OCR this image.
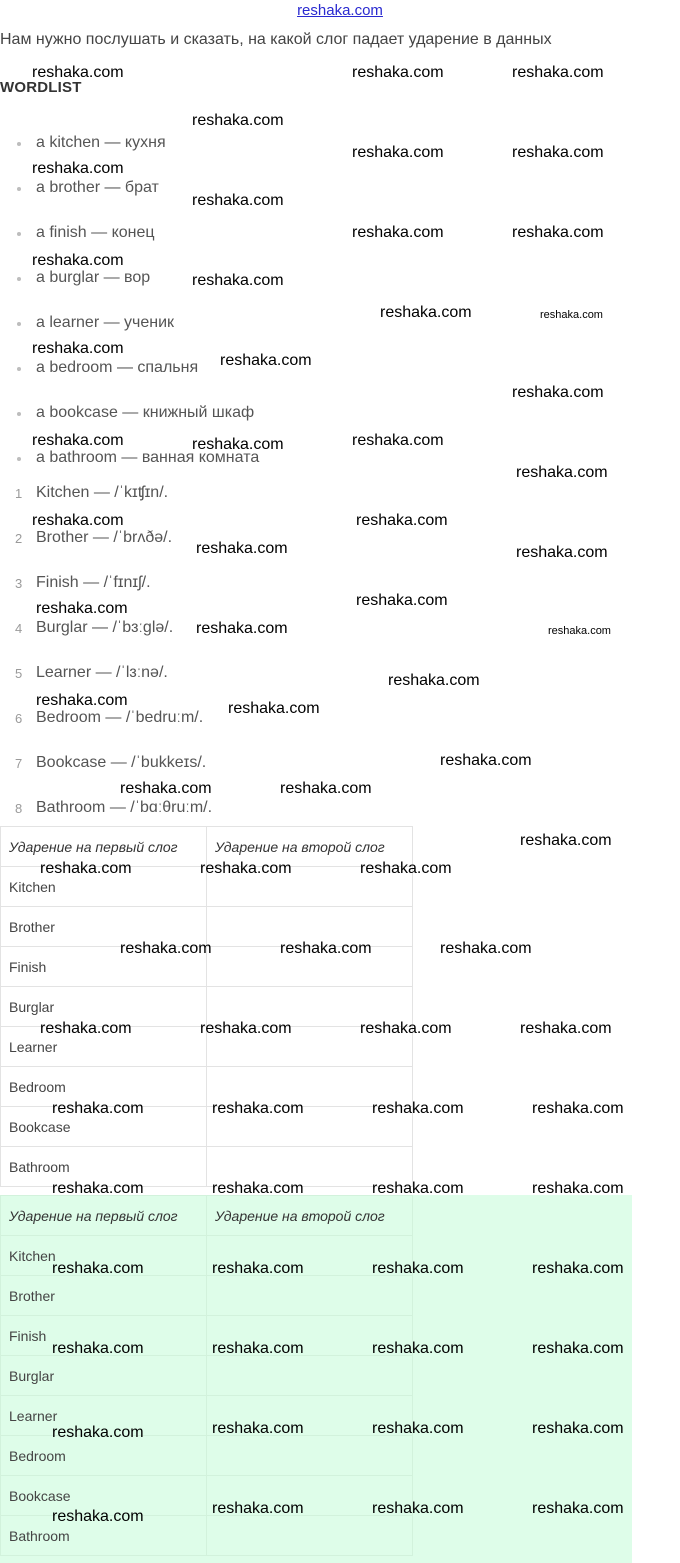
reshaka.com
Нам нужно послушать и сказать, на какой слог падает ударение в данных
WORDLIST
a kitchen — кухня
a brother — брат
a finish — конец
a burglar — вор
a learner — ученик
a bedroom — спальня
a bookcase — книжный шкаф
a bathroom — ванная комната
1 Kitchen — /ˈkɪʧɪn/.
2 Brother — /ˈbrʌðə/.
3 Finish — /ˈfɪnɪʃ/.
4 Burglar — /ˈbɜːglə/.
5 Learner — /ˈlɜːnə/.
6 Bedroom — /ˈbedruːm/.
7 Bookcase — /ˈbukkeɪs/.
8 Bathroom — /ˈbɑːθruːm/.
Ударение на первый слог	Ударение на второй слог
Kitchen	
Brother	
Finish	
Burglar	
Learner	
Bedroom	
Bookcase	
Bathroom	
Ударение на первый слог	Ударение на второй слог
Kitchen	
Brother	
Finish	
Burglar	
Learner	
Bedroom	
Bookcase	
Bathroom	
reshaka.com	reshaka.com	reshaka.com
reshaka.com
reshaka.com	reshaka.com
reshaka.com
reshaka.com
reshaka.com	reshaka.com
reshaka.com
reshaka.com
reshaka.com	reshaka.com
reshaka.com
reshaka.com
reshaka.com
reshaka.com	reshaka.com	reshaka.com
reshaka.com
reshaka.com	reshaka.com
reshaka.com	reshaka.com
reshaka.com
reshaka.com
reshaka.com	reshaka.com
reshaka.com
reshaka.com	reshaka.com
reshaka.com
reshaka.com	reshaka.com
reshaka.com
reshaka.com	reshaka.com	reshaka.com
reshaka.com	reshaka.com	reshaka.com
reshaka.com	reshaka.com	reshaka.com	reshaka.com
reshaka.com	reshaka.com	reshaka.com	reshaka.com
reshaka.com	reshaka.com	reshaka.com	reshaka.com
reshaka.com	reshaka.com	reshaka.com	reshaka.com
reshaka.com	reshaka.com	reshaka.com	reshaka.com
reshaka.com	reshaka.com	reshaka.com	reshaka.com
reshaka.com	reshaka.com	reshaka.com	reshaka.com
